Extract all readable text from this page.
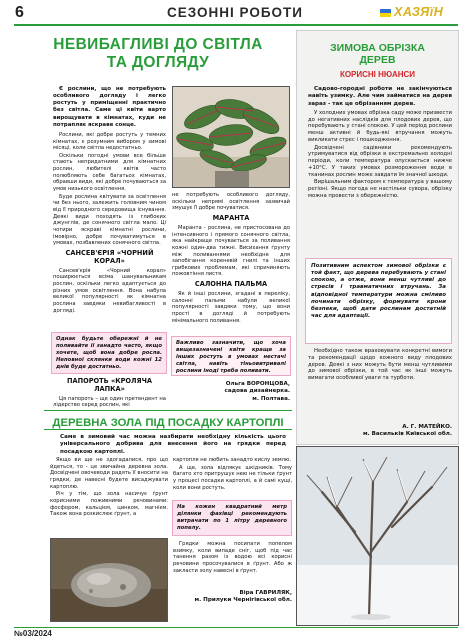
6	СЕЗОННІ РОБОТИ	ХАЗЯїН
НЕВИБАГЛИВІ ДО СВІТЛА
ТА ДОГЛЯДУ
Є рослини, що не потребують особливого догляду і легко ростуть у приміщенні практично без світла. Саме ці квіти варто вирощувати в кімнатах, куди не потрапляє яскраве сонце.

Рослини, які добре ростуть у темних кімнатах, є розумним вибором у зимові місяці, коли світла недостатньо.

Оскільки погодні умови все більше стають непридатними для кімнатних рослин, любителі квітів часто полюбляють себе багатьох кімнатах, обравши види, які добре почуваються за умов низького освітлення.

Буде рослина квітувати за освітлення чи без нього, залежить головним чином від її природного середовища існування. Деякі види походять із глибоких джунглів, де сонячного світла мало. Ці чотири яскраві кімнатні рослини, імовірно, добре почуватимуться в умовах, позбавлених сонячного світла.

САНСЕВ'ЄРІЯ «ЧОРНИЙ КОРАЛ»

Сансев'єрія «Чорний корал» поширюється всіма шанувальникам рослин, оскільки легко адаптується до різних умов освітлення. Вона набула великої популярності як кімнатна рослина завдяки невибагливості в догляді.

Однак будьте обережні й не поливайте її занадто часто, якщо хочете, щоб вона добре росла. Неповної склянки води кожні 12 днів буде достатньо.
ПАПОРОТЬ «КРОЛЯЧА ЛАПКА»

Ця папороть – ще один претендент на лідерство серед рослин, які

не потребують особливого догляду, оскільки непрямі освітлення зазвичай змушує її добре почуватися.

МАРАНТА

Маранта - рослина, не пристосована до інтенсивного і прямого сонячного світла, яка найкраще почувається за поливання кожні один-два тижні. Висихання ґрунту між поливаннями необхідне для запобігання кореневій гнилі та інших грибкових проблемам, які спричиняють пожовтіння листя.

САЛОННА ПАЛЬМА

Як й інші рослини, згадані в переліку, салонні пальми набули великої популярності завдяки тому, що вони прості в догляді й потребують мінімального поливання.

Важливо зазначити, що хоча вищезазначені квіти краще за інших ростуть в умовах нестачі світла, навіть тіньовитривалі рослини іноді треба поливати.
Ольга ВОРОНЦОВА,
садова дизайнерка.
м. Полтава.
ЗИМОВА ОБРІЗКА
ДЕРЕВ
КОРИСНІ НЮАНСИ
Садово-городні роботи не закінчуються навіть узимку. Але чим займатися на дерев зараз - так це обрізанням дерев.

У холодних умовах обрізка саду може призвести до негативних наслідків для плодових дерев, що перебувають у стані спокою. У цей період рослини менш активні й будь-які втручання можуть викликати стрес і пошкодження.

Досвідчені садівники рекомендують утримуватися від обрізки в екстремально холодні періоди, коли температура опускається нижче +10°С. У таких умовах розмороження води в тканинах рослин може завдати їм значної шкоди.

Вирішальним фактором є температура у вашому регіоні. Якщо погода не настільки сувора, обрізку можна провести з обережністю.

Позитивним аспектом зимової обрізки є той факт, що дерева перебувають у стані спокою, а отже, вони менш чутливі до стресів і травматичних втручань. За відповідної температури можна сміливо починати обрізку, формувати крони безпеки, щоб дати рослинам достатній час для адаптації.

Необхідно також враховувати конкретні вимоги та рекомендації щодо кожного виду плодових дерев. Деякі з них можуть бути менш чутливими до зимової обрізки, в той час як інші можуть вимагати особливої уваги та турботи.

А. Г. МАТЕЙКО.
м. Васильків Київської обл.
ДЕРЕВНА ЗОЛА ПІД ПОСАДКУ КАРТОПЛІ
Саме в зимовий час можна назбирати необхідну кількість цього універсального добрива для внесення його на грядки перед посадкою картоплі.

Якщо ви ще не здогадалися, про що йдеться, то - це звичайна деревна зола. Досвідчені овочеводи радять її вносити на грядки, де навесні будете висаджувати картоплю.

Річ у тім, що зола насичує ґрунт корисними поживними речовинами: фосфором, кальцієм, цинком, магнієм. Також вона розкислює ґрунт, а

картопля не любить занадто кислу землю.

А ще, зола відлякує шкідників. Тому багато хто притрушує нею не тільки ґрунт у процесі посадки картоплі, а й самі кущі, коли вони ростуть.

На кожен квадратний метр ділянки фахівці рекомендують витрачати по 1 літру деревного попелу.

Грядки можна посипати попелом взимку, коли випаде сніг, щоб під час танення разом із водою всі корисні речовини просочувалися в ґрунт. Або ж закласти золу навесні в ґрунт.

Віра ГАВРИЛЯК,
м. Прилуки Чернігівської обл.
№03/2024
